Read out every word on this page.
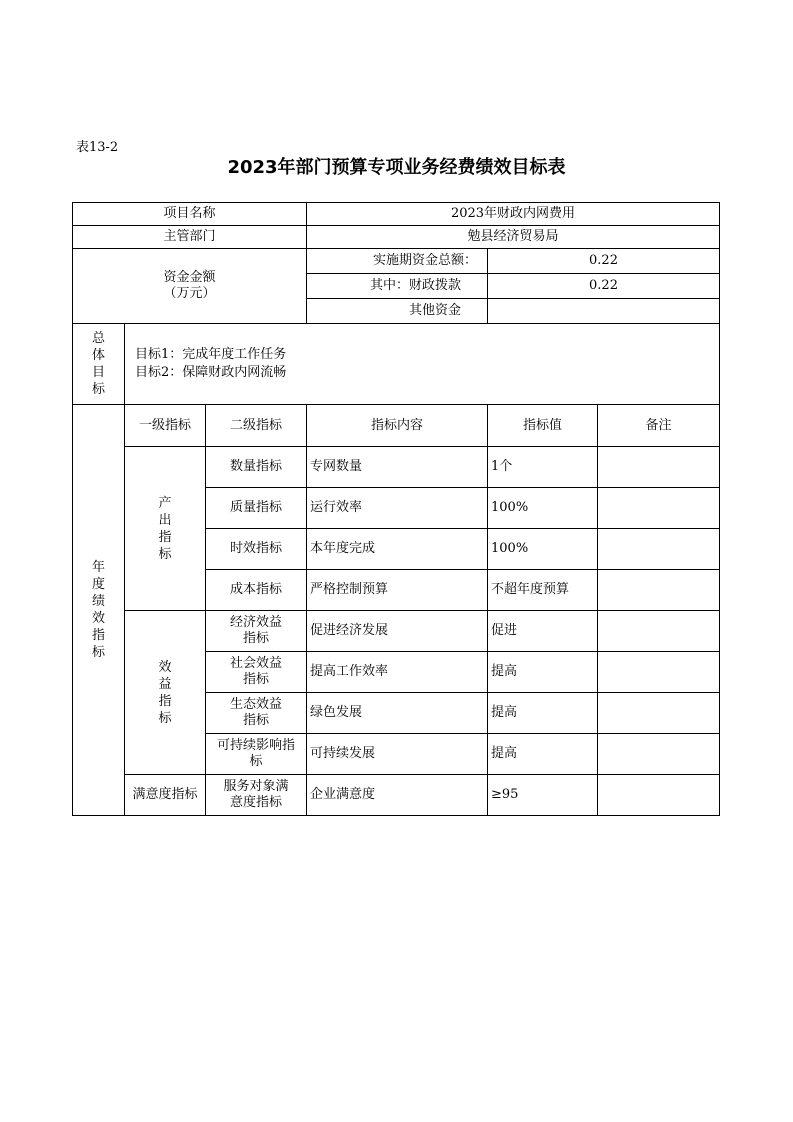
表13-2
2023年部门预算专项业务经费绩效目标表
项目名称			2023年财政内网费用		
主管部门			勉县经济贸易局		

资金金额
（万元）			实施期资金总额：	0.22	
			其中：财政拨款	0.22	
			其他资金		
总体目标	目标1：完成年度工作任务
目标2：保障财政内网流畅				

年度绩效指标	一级指标	二级指标	指标内容	指标值	备注
	产出指标	数量指标	专网数量	1个	
		质量指标	运行效率	100%	
		时效指标	本年度完成	100%	
		成本指标	严格控制预算	不超年度预算	
	效益指标	经济效益指标	促进经济发展	促进	
		社会效益指标	提高工作效率	提高	
		生态效益指标	绿色发展	提高	
		可持续影响指标	可持续发展	提高	
	满意度指标	服务对象满意度指标	企业满意度	≥95	
